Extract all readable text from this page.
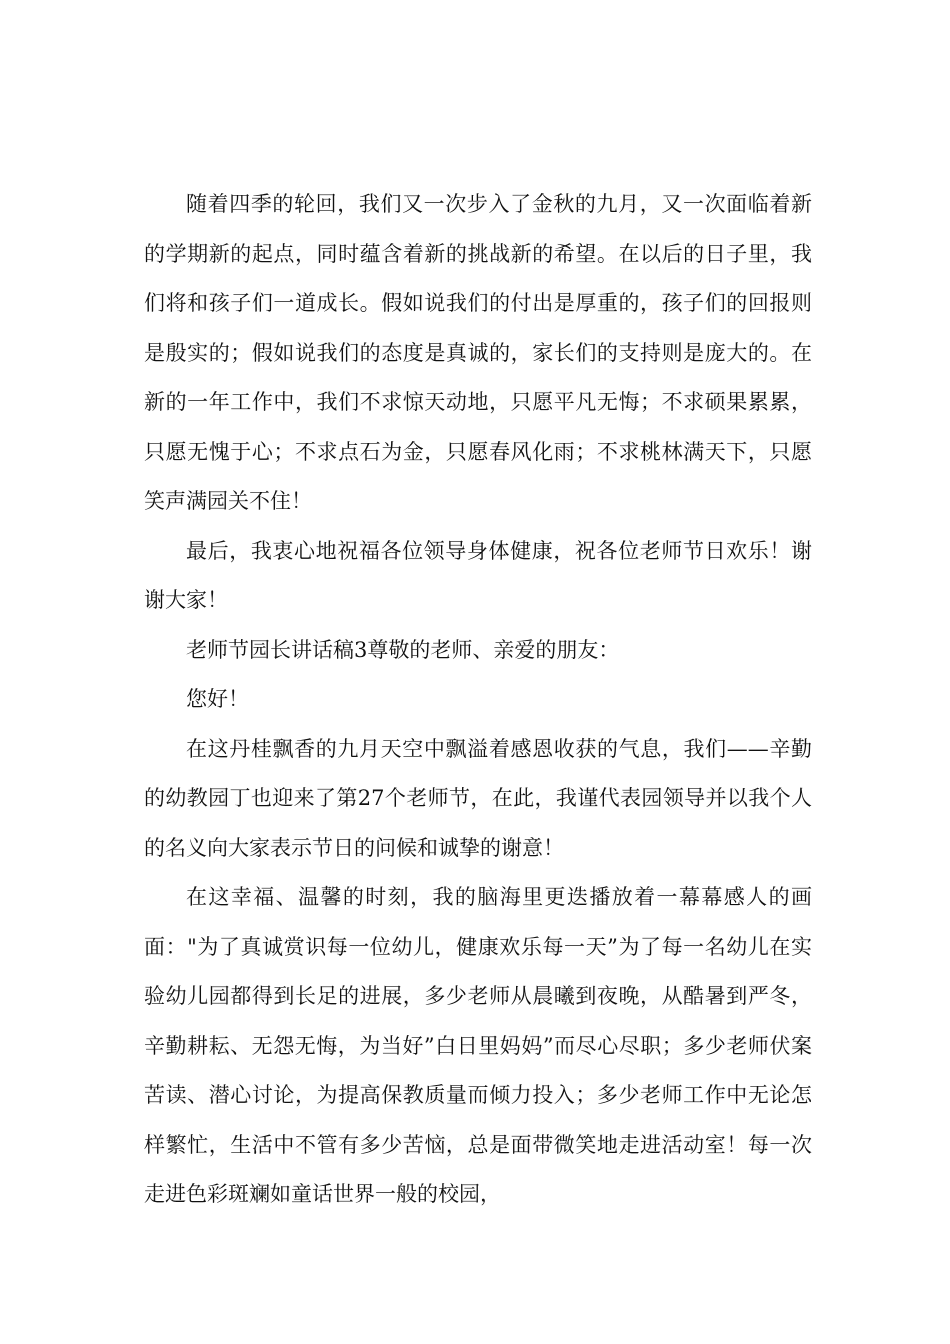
随着四季的轮回，我们又一次步入了金秋的九月，又一次面临着新的学期新的起点，同时蕴含着新的挑战新的希望。在以后的日子里，我们将和孩子们一道成长。假如说我们的付出是厚重的，孩子们的回报则是殷实的；假如说我们的态度是真诚的，家长们的支持则是庞大的。在新的一年工作中，我们不求惊天动地，只愿平凡无悔；不求硕果累累，只愿无愧于心；不求点石为金，只愿春风化雨；不求桃林满天下，只愿笑声满园关不住！

最后，我衷心地祝福各位领导身体健康，祝各位老师节日欢乐！谢谢大家！

老师节园长讲话稿3尊敬的老师、亲爱的朋友：

您好！

在这丹桂飘香的九月天空中飘溢着感恩收获的气息，我们——辛勤的幼教园丁也迎来了第27个老师节，在此，我谨代表园领导并以我个人的名义向大家表示节日的问候和诚挚的谢意！

在这幸福、温馨的时刻，我的脑海里更迭播放着一幕幕感人的画面："为了真诚赏识每一位幼儿，健康欢乐每一天”为了每一名幼儿在实验幼儿园都得到长足的进展，多少老师从晨曦到夜晚，从酷暑到严冬，辛勤耕耘、无怨无悔，为当好”白日里妈妈”而尽心尽职；多少老师伏案苦读、潜心讨论，为提高保教质量而倾力投入；多少老师工作中无论怎样繁忙，生活中不管有多少苦恼，总是面带微笑地走进活动室！每一次走进色彩斑斓如童话世界一般的校园，
